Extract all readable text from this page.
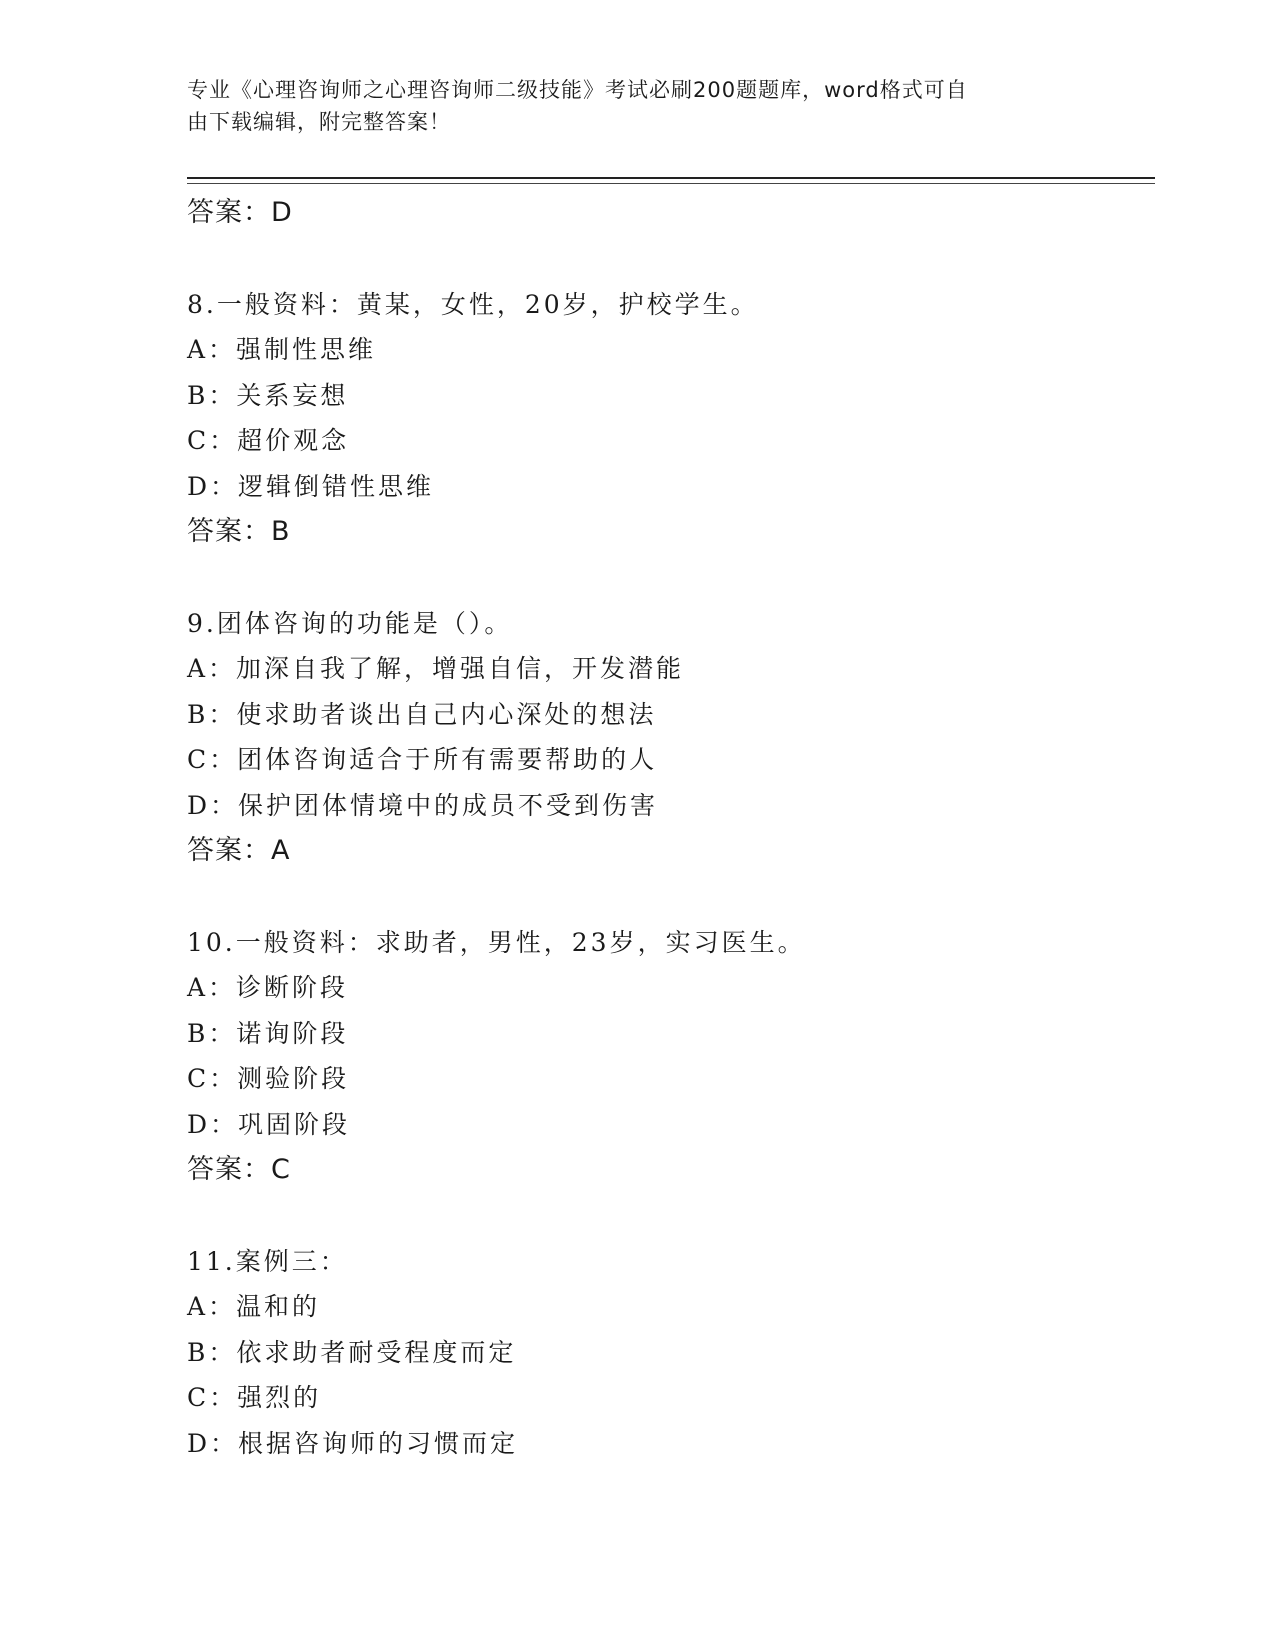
专业《心理咨询师之心理咨询师二级技能》考试必刷200题题库，word格式可自
由下载编辑，附完整答案！
答案：D
8.一般资料：黄某，女性，20岁，护校学生。
A：强制性思维
B：关系妄想
C：超价观念
D：逻辑倒错性思维
答案：B
9.团体咨询的功能是（）。
A：加深自我了解，增强自信，开发潜能
B：使求助者谈出自己内心深处的想法
C：团体咨询适合于所有需要帮助的人
D：保护团体情境中的成员不受到伤害
答案：A
10.一般资料：求助者，男性，23岁，实习医生。
A：诊断阶段
B：诺询阶段
C：测验阶段
D：巩固阶段
答案：C
11.案例三：
A：温和的
B：依求助者耐受程度而定
C：强烈的
D：根据咨询师的习惯而定
